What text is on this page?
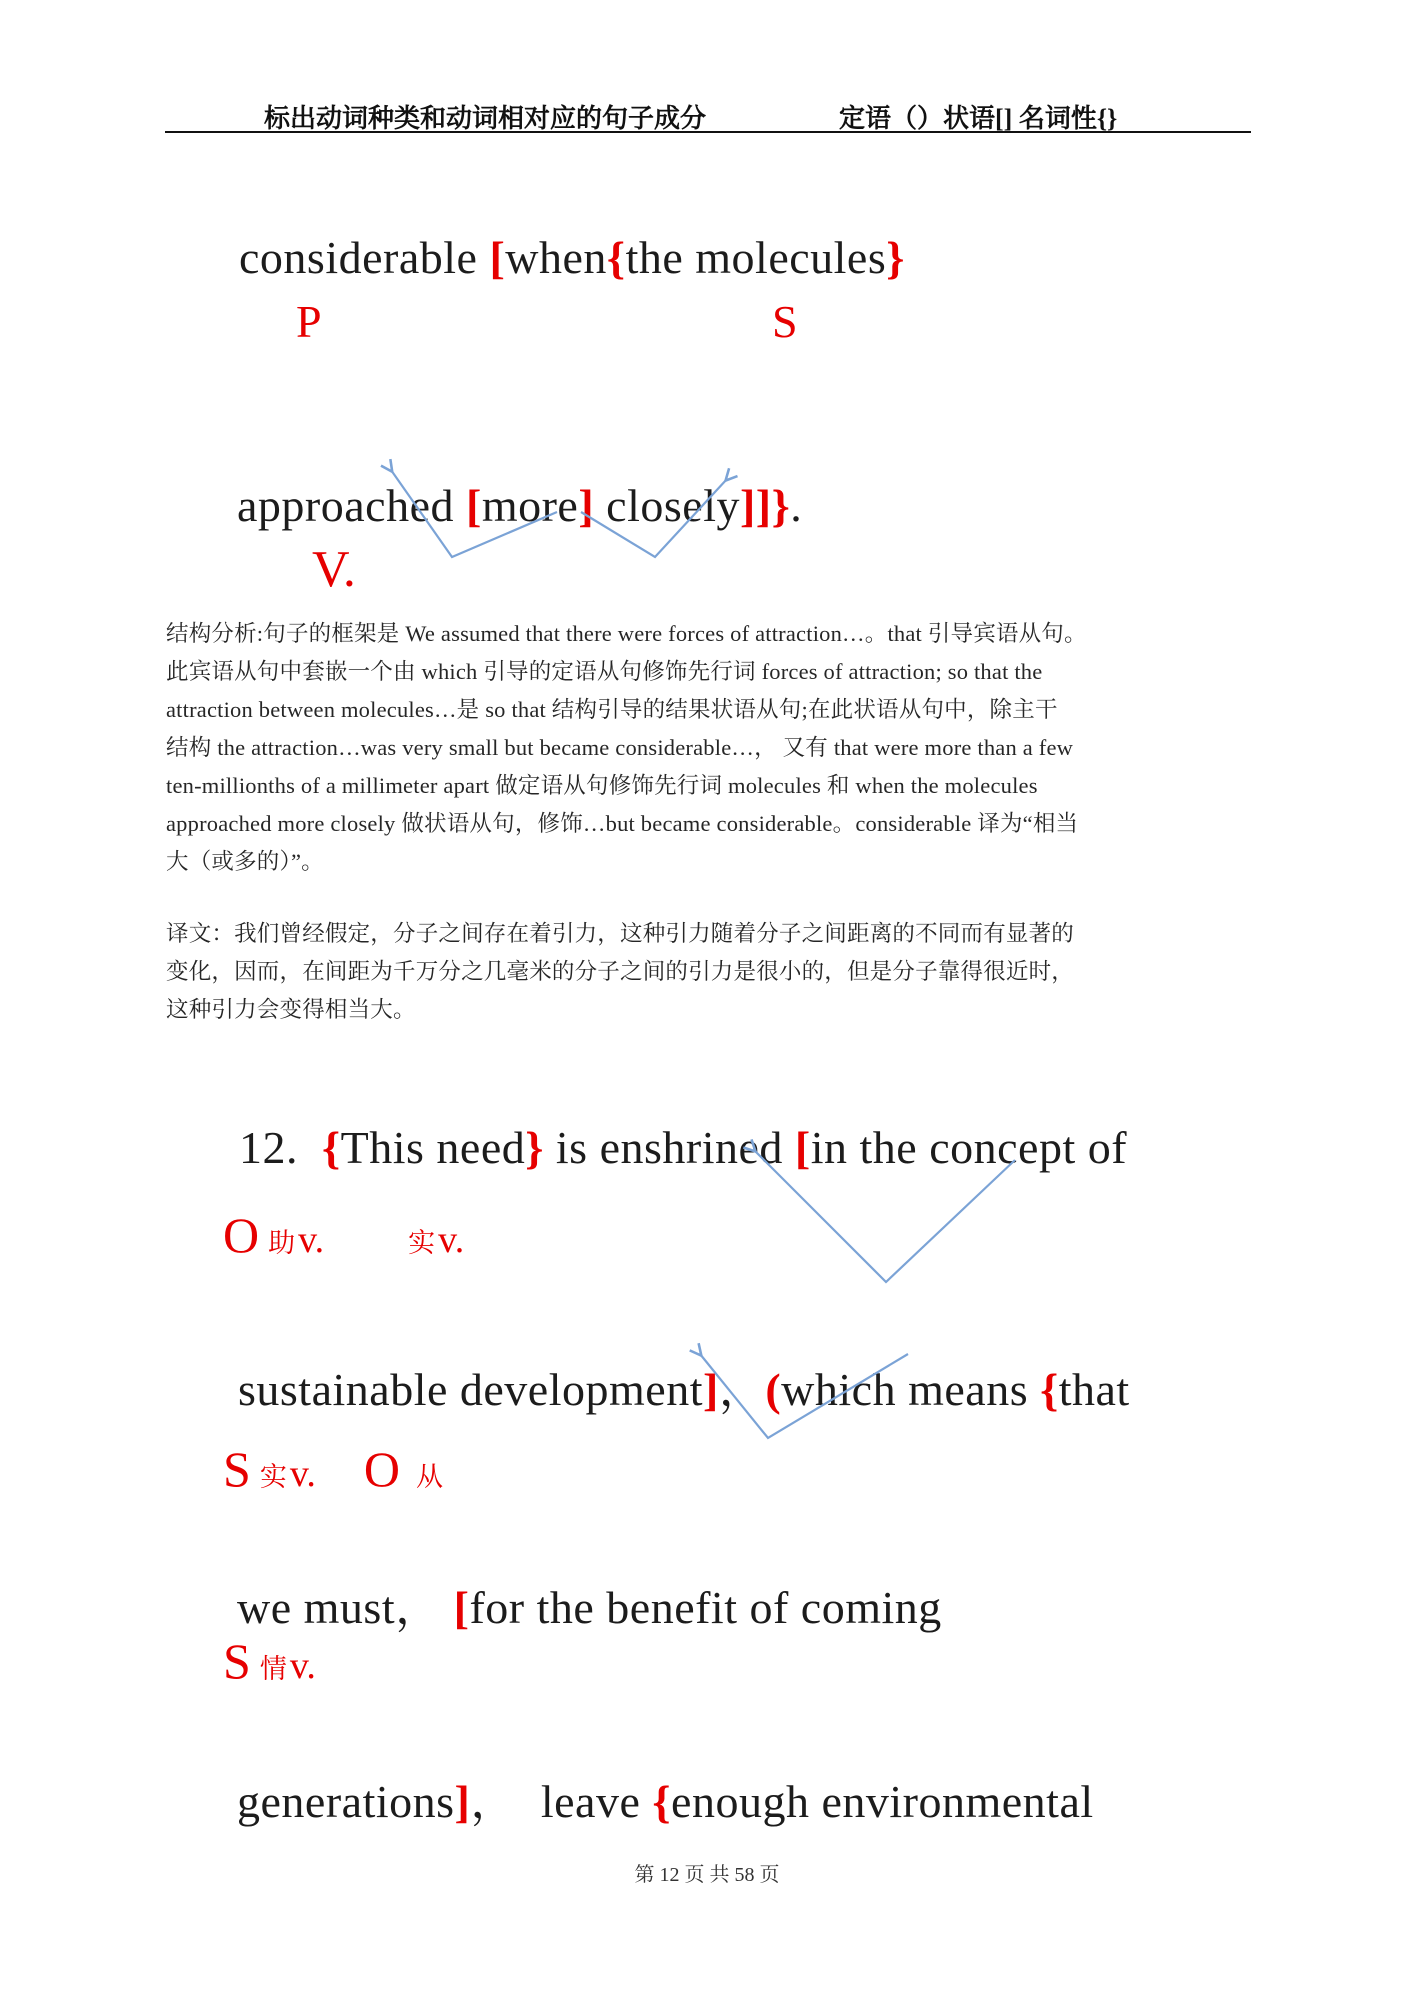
标出动词种类和动词相对应的句子成分	定语（）状语[] 名词性{}

considerable [when{the molecules}

P	S

approached [more] closely]]}.

V.
结构分析:句子的框架是 We assumed that there were forces of attraction…。that 引导宾语从句。
此宾语从句中套嵌一个由 which 引导的定语从句修饰先行词 forces of attraction; so that the
attraction between molecules…是 so that 结构引导的结果状语从句;在此状语从句中，除主干
结构 the attraction…was very small but became considerable…， 又有 that were more than a few
ten-millionths of a millimeter apart 做定语从句修饰先行词 molecules 和 when the molecules
approached more closely 做状语从句，修饰…but became considerable。considerable 译为“相当
大（或多的）”。
译文：我们曾经假定，分子之间存在着引力，这种引力随着分子之间距离的不同而有显著的
变化，因而，在间距为千万分之几毫米的分子之间的引力是很小的，但是分子靠得很近时，
这种引力会变得相当大。

12.  {This need} is enshrined [in the concept of

O助v.	实v.

sustainable development]，(which means {that

S实v. O 从

we must， [for the benefit of coming

S情v.

generations]，  leave {enough environmental

第 12 页 共 58 页
